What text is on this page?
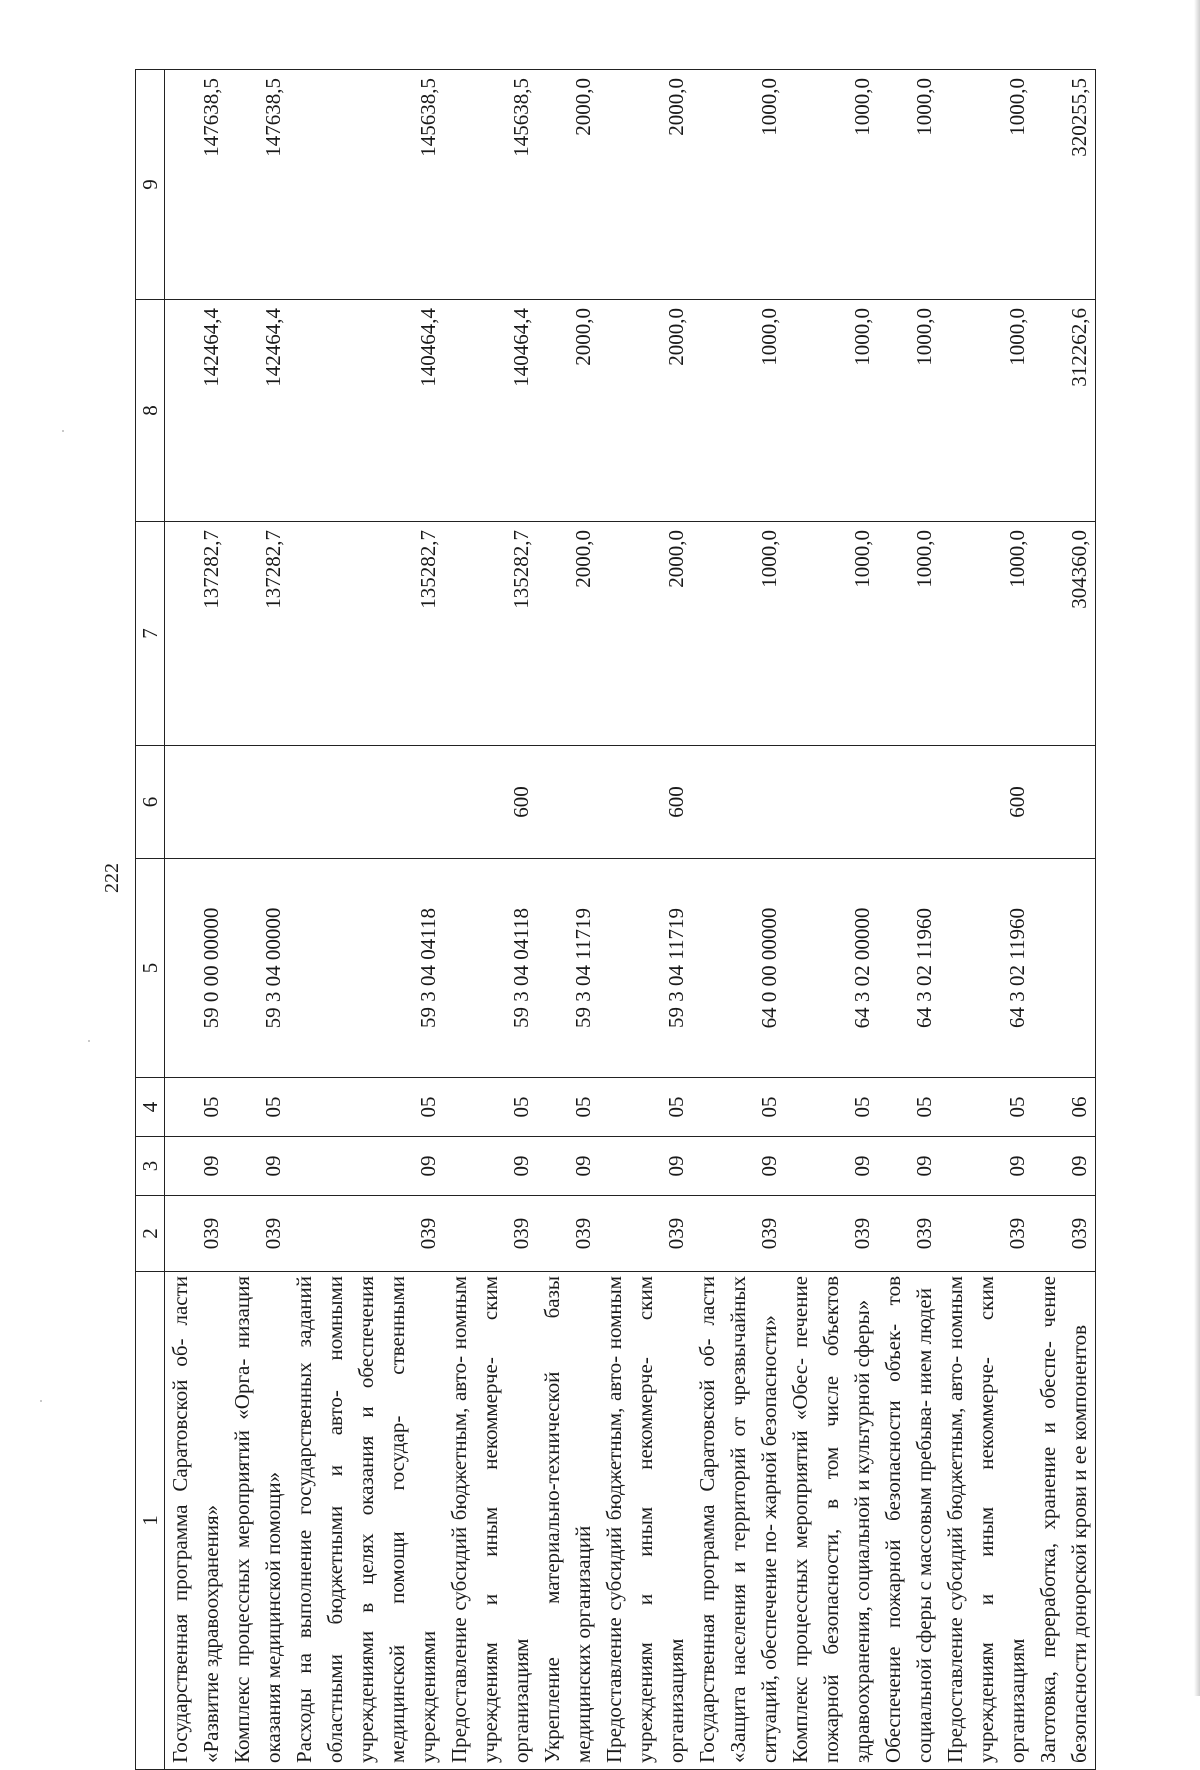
222
1	2	3	4	5	6	7	8	9
Государственная программа Саратовской об- ласти «Развитие здравоохранения»	039	09	05	59 0 00 00000		137282,7	142464,4	147638,5
Комплекс процессных мероприятий «Орга- низация оказания медицинской помощи»	039	09	05	59 3 04 00000		137282,7	142464,4	147638,5
Расходы на выполнение государственных заданий областными бюджетными и авто- номными учреждениями в целях оказания и обеспечения медицинской помощи государ- ственными учреждениями	039	09	05	59 3 04 04118		135282,7	140464,4	145638,5
Предоставление субсидий бюджетным, авто- номным учреждениям и иным некоммерче- ским организациям	039	09	05	59 3 04 04118	600	135282,7	140464,4	145638,5
Укрепление материально-технической базы медицинских организаций	039	09	05	59 3 04 11719		2000,0	2000,0	2000,0
Предоставление субсидий бюджетным, авто- номным учреждениям и иным некоммерче- ским организациям	039	09	05	59 3 04 11719	600	2000,0	2000,0	2000,0
Государственная программа Саратовской об- ласти «Защита населения и территорий от чрезвычайных ситуаций, обеспечение по- жарной безопасности»	039	09	05	64 0 00 00000		1000,0	1000,0	1000,0
Комплекс процессных мероприятий «Обес- печение пожарной безопасности, в том числе объектов здравоохранения, социальной и культурной сферы»	039	09	05	64 3 02 00000		1000,0	1000,0	1000,0
Обеспечение пожарной безопасности объек- тов социальной сферы с массовым пребыва- нием людей	039	09	05	64 3 02 11960		1000,0	1000,0	1000,0
Предоставление субсидий бюджетным, авто- номным учреждениям и иным некоммерче- ским организациям	039	09	05	64 3 02 11960	600	1000,0	1000,0	1000,0
Заготовка, переработка, хранение и обеспе- чение безопасности донорской крови и ее компонентов	039	09	06			304360,0	312262,6	320255,5
